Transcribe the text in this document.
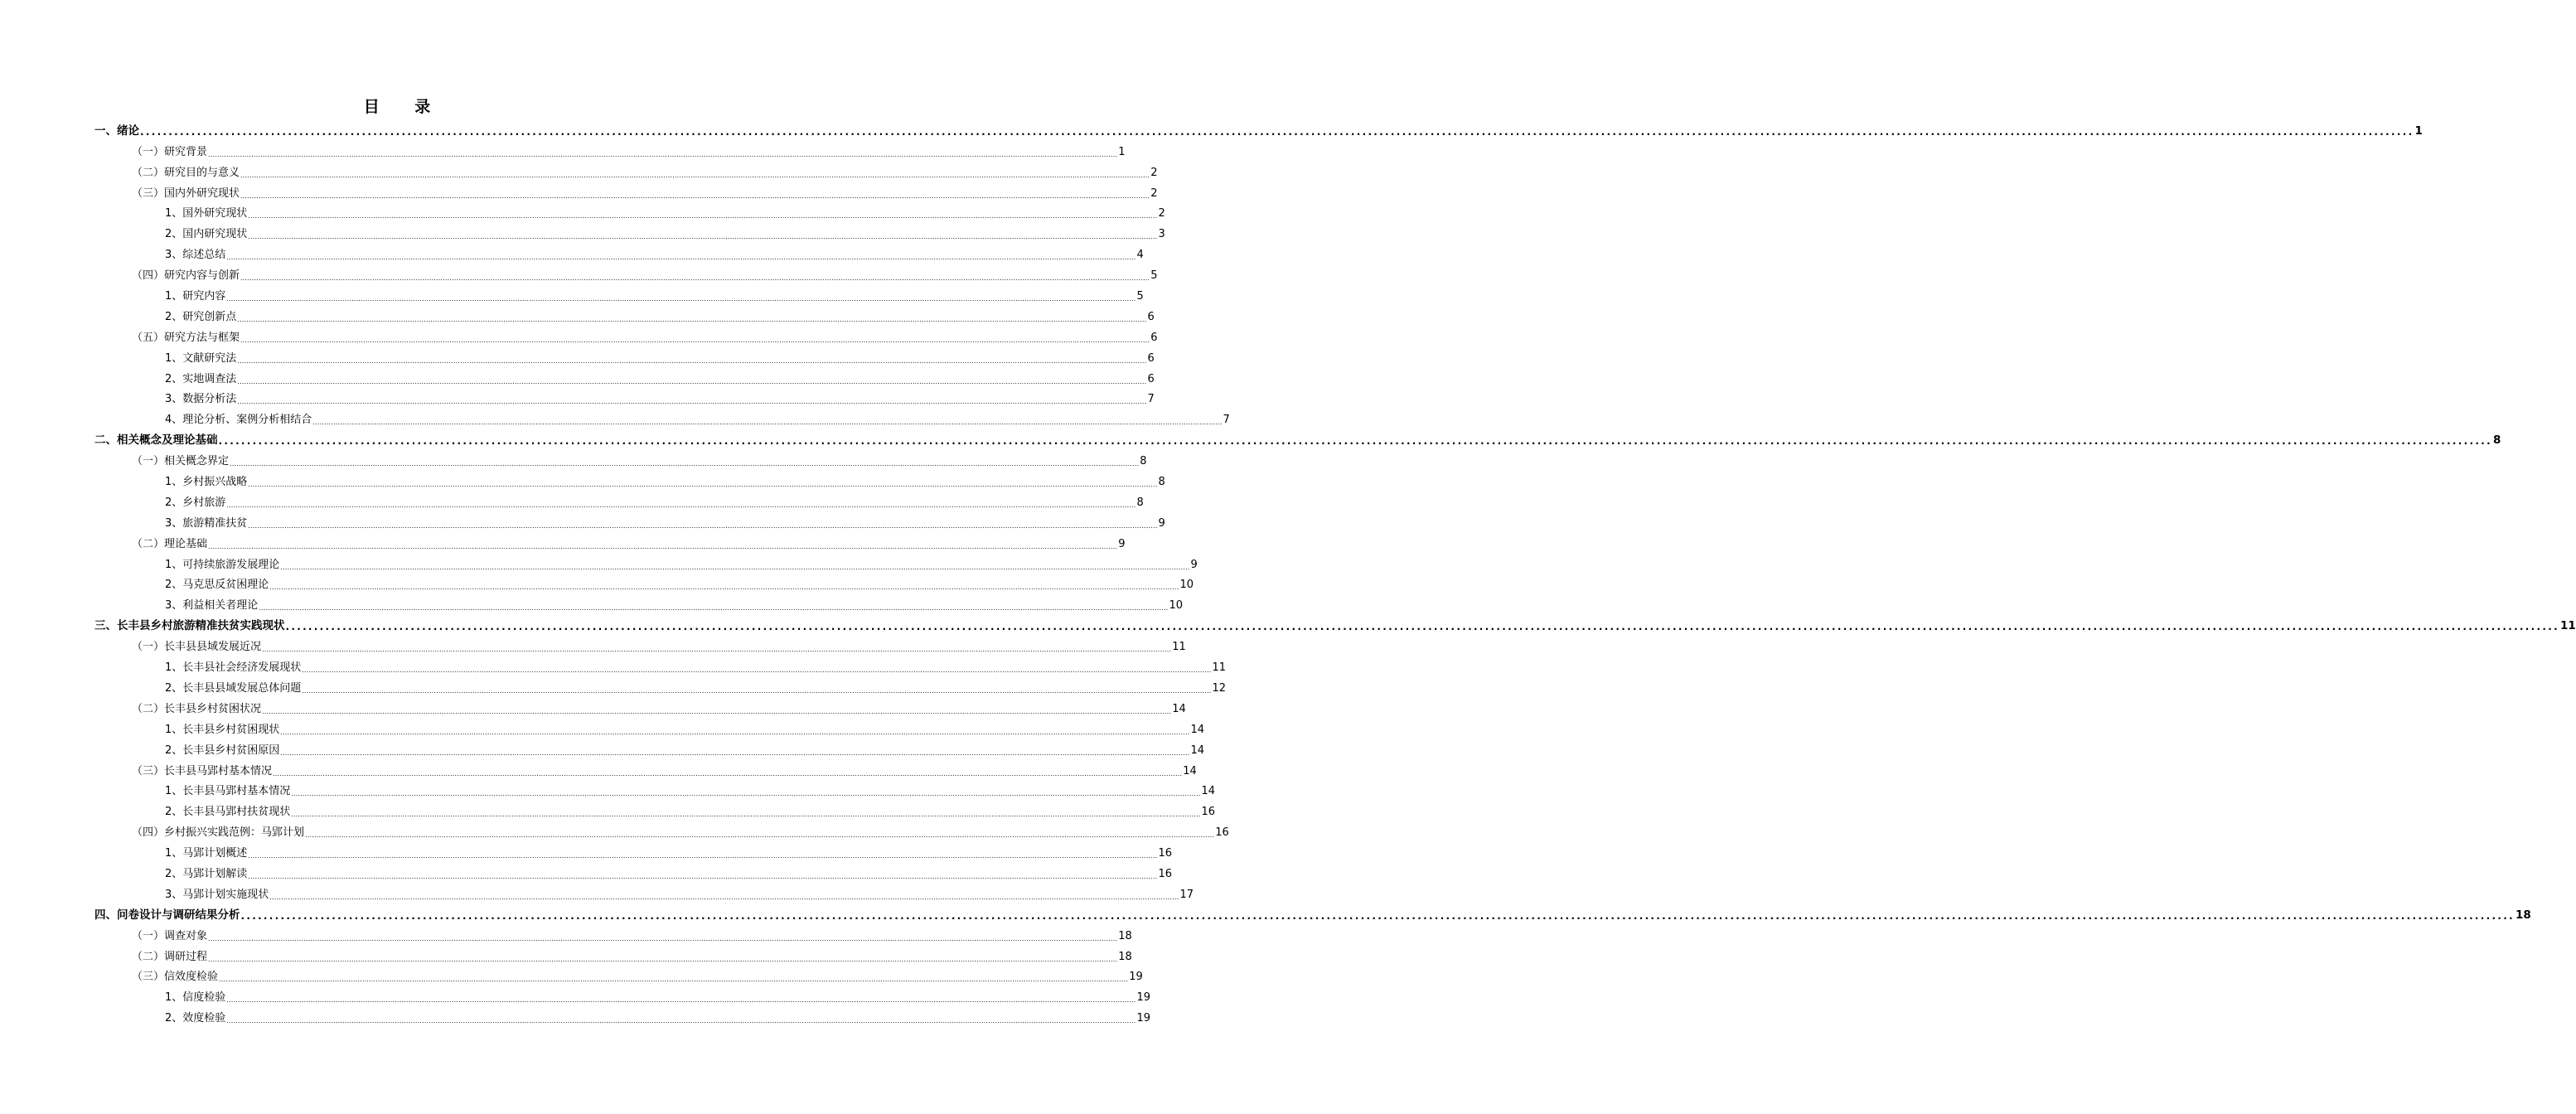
目 录
一、绪论 ................................................................................................................................................................................................................................................................................................................................................................................................................ 1
（一）研究背景 ................................................................................................................................................................................................................................................................................................................................................................................................................ 1
（二）研究目的与意义 ................................................................................................................................................................................................................................................................................................................................................................................................................ 2
（三）国内外研究现状 ................................................................................................................................................................................................................................................................................................................................................................................................................ 2
1、国外研究现状 ................................................................................................................................................................................................................................................................................................................................................................................................................ 2
2、国内研究现状 ................................................................................................................................................................................................................................................................................................................................................................................................................ 3
3、综述总结 ................................................................................................................................................................................................................................................................................................................................................................................................................ 4
（四）研究内容与创新 ................................................................................................................................................................................................................................................................................................................................................................................................................ 5
1、研究内容 ................................................................................................................................................................................................................................................................................................................................................................................................................ 5
2、研究创新点 ................................................................................................................................................................................................................................................................................................................................................................................................................ 6
（五）研究方法与框架 ................................................................................................................................................................................................................................................................................................................................................................................................................ 6
1、文献研究法 ................................................................................................................................................................................................................................................................................................................................................................................................................ 6
2、实地调查法 ................................................................................................................................................................................................................................................................................................................................................................................................................ 6
3、数据分析法 ................................................................................................................................................................................................................................................................................................................................................................................................................ 7
4、理论分析、案例分析相结合 ................................................................................................................................................................................................................................................................................................................................................................................................................ 7
二、相关概念及理论基础 ................................................................................................................................................................................................................................................................................................................................................................................................................ 8
（一）相关概念界定 ................................................................................................................................................................................................................................................................................................................................................................................................................ 8
1、乡村振兴战略 ................................................................................................................................................................................................................................................................................................................................................................................................................ 8
2、乡村旅游 ................................................................................................................................................................................................................................................................................................................................................................................................................ 8
3、旅游精准扶贫 ................................................................................................................................................................................................................................................................................................................................................................................................................ 9
（二）理论基础 ................................................................................................................................................................................................................................................................................................................................................................................................................ 9
1、可持续旅游发展理论 ................................................................................................................................................................................................................................................................................................................................................................................................................ 9
2、马克思反贫困理论 ................................................................................................................................................................................................................................................................................................................................................................................................................ 10
3、利益相关者理论 ................................................................................................................................................................................................................................................................................................................................................................................................................ 10
三、长丰县乡村旅游精准扶贫实践现状 ................................................................................................................................................................................................................................................................................................................................................................................................................ 11
（一）长丰县县域发展近况 ................................................................................................................................................................................................................................................................................................................................................................................................................ 11
1、长丰县社会经济发展现状 ................................................................................................................................................................................................................................................................................................................................................................................................................ 11
2、长丰县县域发展总体问题 ................................................................................................................................................................................................................................................................................................................................................................................................................ 12
（二）长丰县乡村贫困状况 ................................................................................................................................................................................................................................................................................................................................................................................................................ 14
1、长丰县乡村贫困现状 ................................................................................................................................................................................................................................................................................................................................................................................................................ 14
2、长丰县乡村贫困原因 ................................................................................................................................................................................................................................................................................................................................................................................................................ 14
（三）长丰县马郢村基本情况 ................................................................................................................................................................................................................................................................................................................................................................................................................ 14
1、长丰县马郢村基本情况 ................................................................................................................................................................................................................................................................................................................................................................................................................ 14
2、长丰县马郢村扶贫现状 ................................................................................................................................................................................................................................................................................................................................................................................................................ 16
（四）乡村振兴实践范例：马郢计划 ................................................................................................................................................................................................................................................................................................................................................................................................................ 16
1、马郢计划概述 ................................................................................................................................................................................................................................................................................................................................................................................................................ 16
2、马郢计划解读 ................................................................................................................................................................................................................................................................................................................................................................................................................ 16
3、马郢计划实施现状 ................................................................................................................................................................................................................................................................................................................................................................................................................ 17
四、问卷设计与调研结果分析 ................................................................................................................................................................................................................................................................................................................................................................................................................ 18
（一）调查对象 ................................................................................................................................................................................................................................................................................................................................................................................................................ 18
（二）调研过程 ................................................................................................................................................................................................................................................................................................................................................................................................................ 18
（三）信效度检验 ................................................................................................................................................................................................................................................................................................................................................................................................................ 19
1、信度检验 ................................................................................................................................................................................................................................................................................................................................................................................................................ 19
2、效度检验 ................................................................................................................................................................................................................................................................................................................................................................................................................ 19
